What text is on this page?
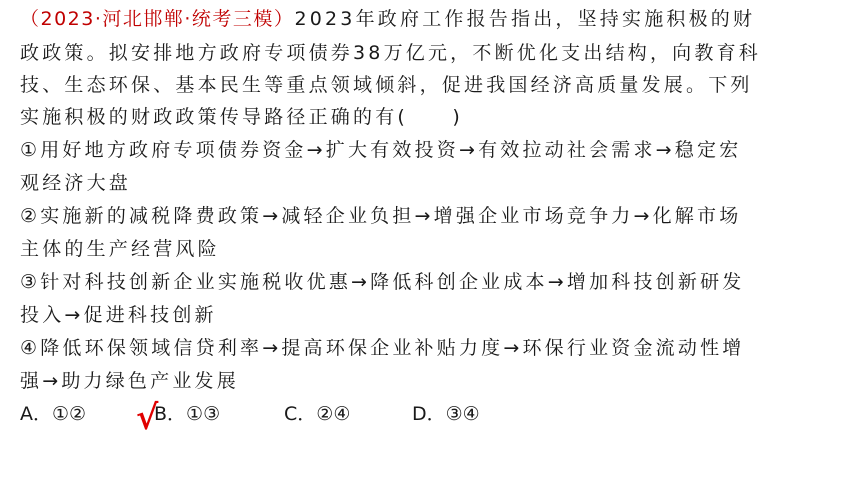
（2023·河北邯郸·统考三模）2023年政府工作报告指出，坚持实施积极的财
政政策。拟安排地方政府专项债券38万亿元，不断优化支出结构，向教育科
技、生态环保、基本民生等重点领域倾斜，促进我国经济高质量发展。下列
实施积极的财政政策传导路径正确的有(　　)
①用好地方政府专项债券资金→扩大有效投资→有效拉动社会需求→稳定宏
观经济大盘
②实施新的减税降费政策→减轻企业负担→增强企业市场竞争力→化解市场
主体的生产经营风险
③针对科技创新企业实施税收优惠→降低科创企业成本→增加科技创新研发
投入→促进科技创新
④降低环保领域信贷利率→提高环保企业补贴力度→环保行业资金流动性增
强→助力绿色产业发展
A．①②	B．①③	C．②④	D．③④
√
